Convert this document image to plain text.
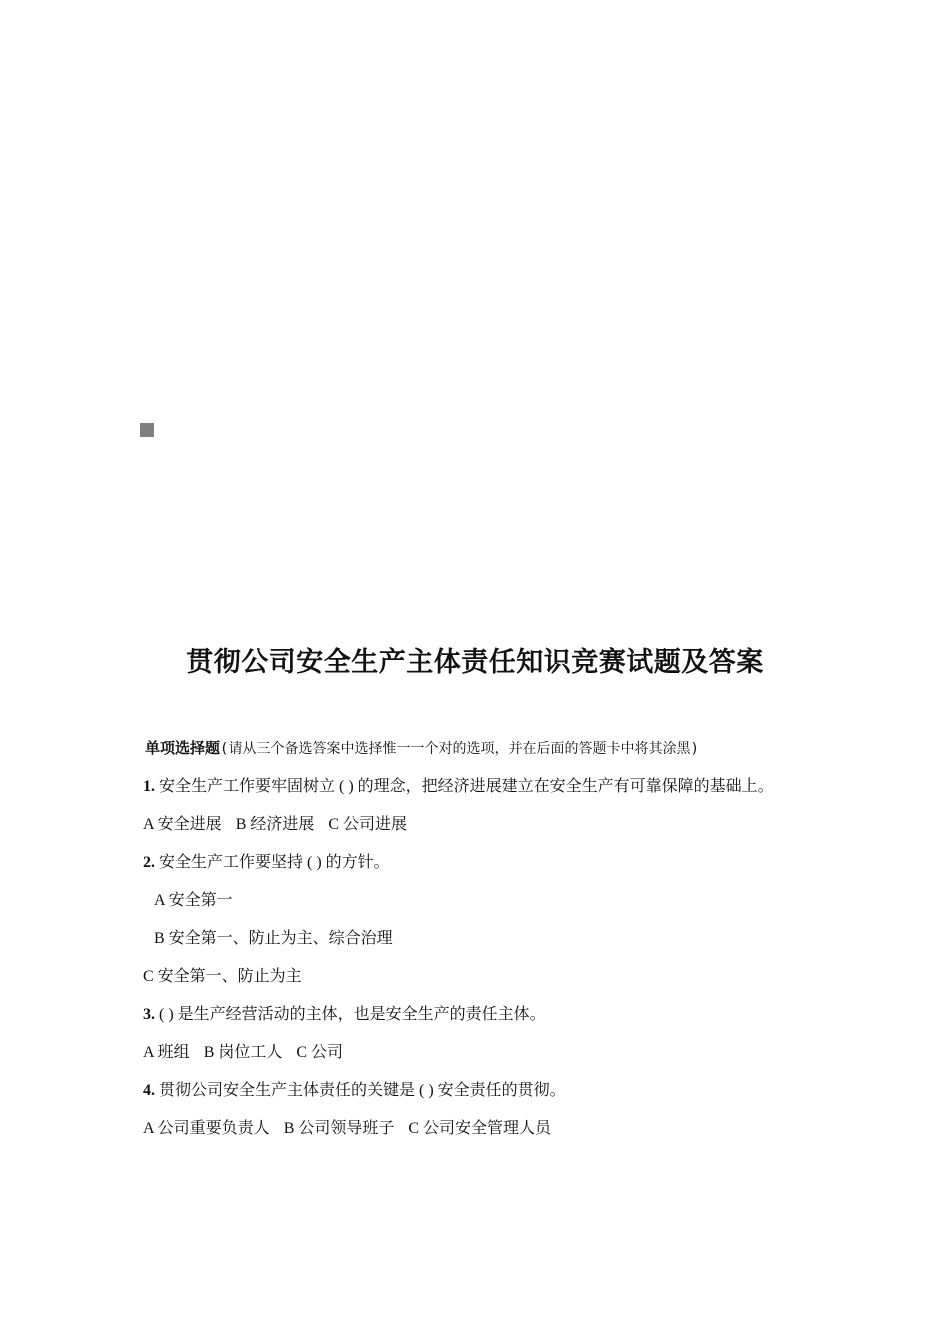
贯彻公司安全生产主体责任知识竞赛试题及答案
单项选择题(请从三个备选答案中选择惟一一个对的选项，并在后面的答题卡中将其涂黑)
1. 安全生产工作要牢固树立 ( ) 的理念，把经济进展建立在安全生产有可靠保障的基础上。
A 安全进展 B 经济进展 C 公司进展
2. 安全生产工作要坚持 ( ) 的方针。
A 安全第一
B 安全第一、防止为主、综合治理
C 安全第一、防止为主
3. ( ) 是生产经营活动的主体，也是安全生产的责任主体。
A 班组 B 岗位工人 C 公司
4. 贯彻公司安全生产主体责任的关键是 ( ) 安全责任的贯彻。
A 公司重要负责人 B 公司领导班子 C 公司安全管理人员
